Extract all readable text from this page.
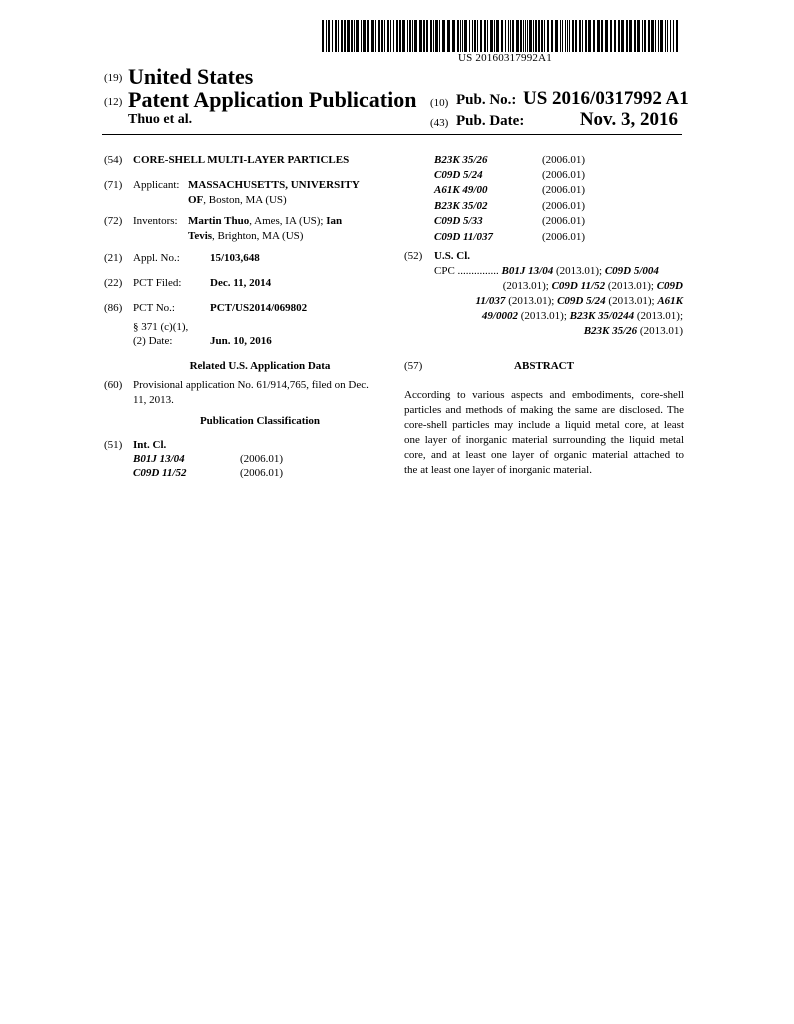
US 20160317992A1
(19) United States
(12) Patent Application Publication
Thuo et al.
(10) Pub. No.: US 2016/0317992 A1
(43) Pub. Date:	Nov. 3, 2016
(54) CORE-SHELL MULTI-LAYER PARTICLES
(71) Applicant: MASSACHUSETTS, UNIVERSITY
OF, Boston, MA (US)
(72) Inventors: Martin Thuo, Ames, IA (US); Ian
Tevis, Brighton, MA (US)
(21) Appl. No.:	15/103,648
(22) PCT Filed:	Dec. 11, 2014
(86) PCT No.:	PCT/US2014/069802
§ 371 (c)(1),
(2) Date:	Jun. 10, 2016
Related U.S. Application Data
(60) Provisional application No. 61/914,765, filed on Dec.
11, 2013.
Publication Classification
(51) Int. Cl.
B01J 13/04	(2006.01)
C09D 11/52	(2006.01)
B23K 35/26	(2006.01)
C09D 5/24	(2006.01)
A61K 49/00	(2006.01)
B23K 35/02	(2006.01)
C09D 5/33	(2006.01)
C09D 11/037	(2006.01)
(52) U.S. Cl.
CPC ............... B01J 13/04 (2013.01); C09D 5/004
(2013.01); C09D 11/52 (2013.01); C09D
11/037 (2013.01); C09D 5/24 (2013.01); A61K
49/0002 (2013.01); B23K 35/0244 (2013.01);
B23K 35/26 (2013.01)
(57)	ABSTRACT
According to various aspects and embodiments, core-shell
particles and methods of making the same are disclosed. The
core-shell particles may include a liquid metal core, at least
one layer of inorganic material surrounding the liquid metal
core, and at least one layer of organic material attached to
the at least one layer of inorganic material.
